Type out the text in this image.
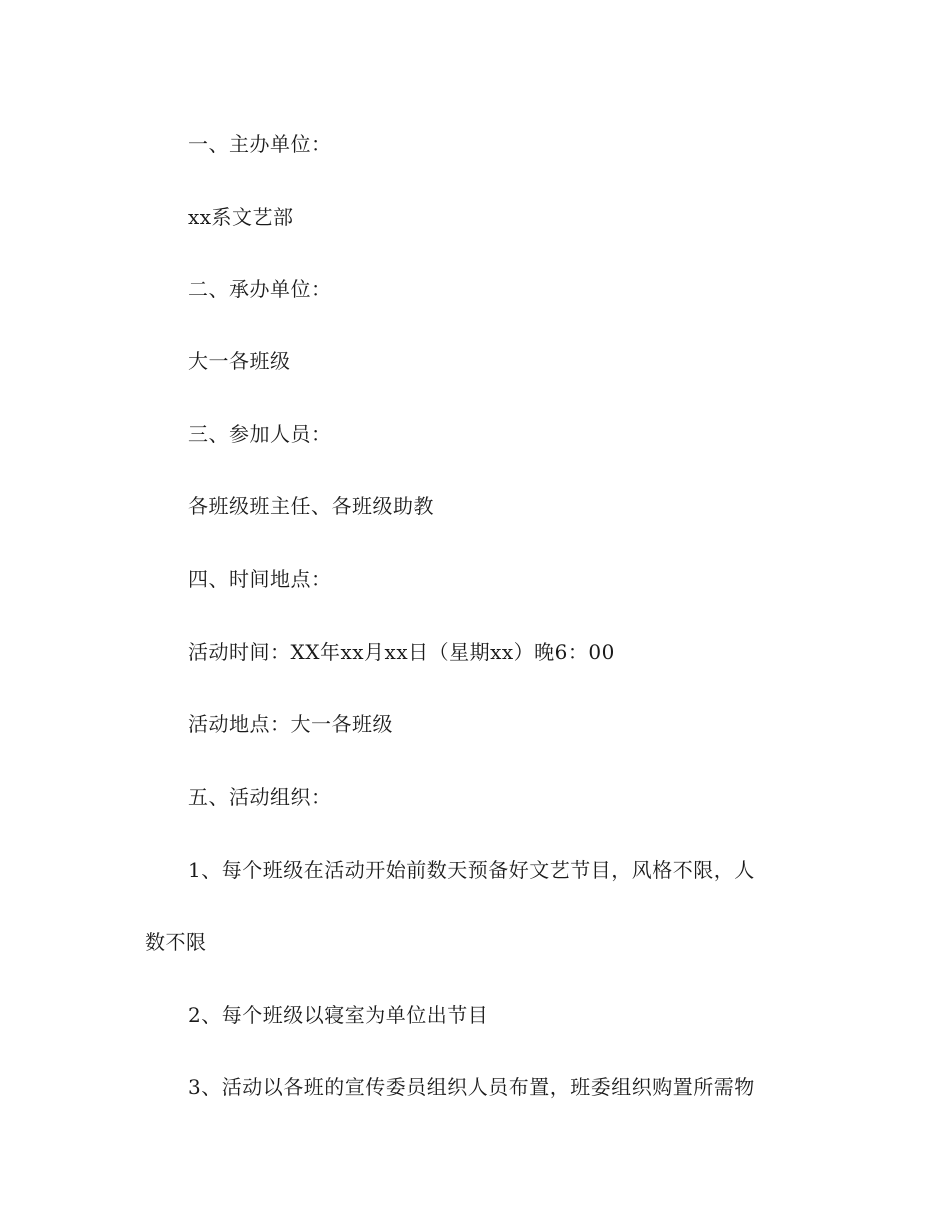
一、主办单位：
xx系文艺部
二、承办单位：
大一各班级
三、参加人员：
各班级班主任、各班级助教
四、时间地点：
活动时间：XX年xx月xx日（星期xx）晚6：00
活动地点：大一各班级
五、活动组织：
1、每个班级在活动开始前数天预备好文艺节目，风格不限，人
数不限
2、每个班级以寝室为单位出节目
3、活动以各班的宣传委员组织人员布置，班委组织购置所需物
